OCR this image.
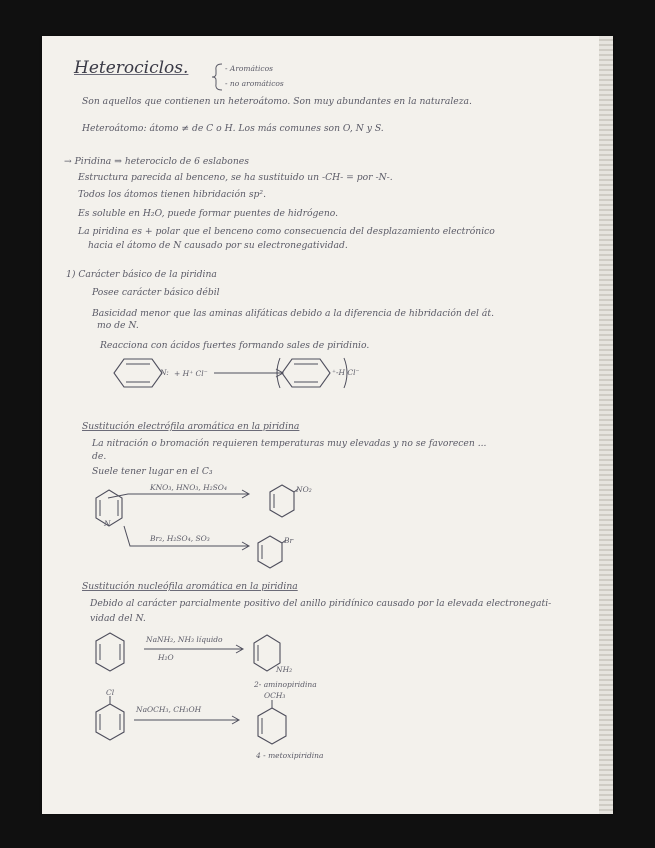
Heterociclos.	- Aromáticos
- no aromáticos
Son aquellos que contienen un heteroátomo. Son muy abundantes en la naturaleza.
Heteroátomo: átomo ≠ de C o H. Los más comunes son O, N y S.
→ Piridina ⇒ heterociclo de 6 eslabones
Estructura parecida al benceno, se ha sustituido un -CH- = por -N-.
Todos los átomos tienen hibridación sp².
Es soluble en H₂O, puede formar puentes de hidrógeno.
La piridina es + polar que el benceno como consecuencia del desplazamiento electrónico
hacia el átomo de N causado por su electronegatividad.
1) Carácter básico de la piridina
Posee carácter básico débil
Basicidad menor que las aminas alifáticas debido a la diferencia de hibridación del át.
mo de N.
Reacciona con ácidos fuertes formando sales de piridinio.
N: + H⁺ Cl⁻	⁺-H Cl⁻
Sustitución electrófila aromática en la piridina
La nitración o bromación requieren temperaturas muy elevadas y no se favorecen ...
de.
Suele tener lugar en el C₃
N
KNO₃, HNO₃, H₂SO₄
Br₂, H₂SO₄, SO₃
NO₂
Br
Sustitución nucleófila aromática en la piridina
Debido al carácter parcialmente positivo del anillo piridínico causado por la elevada electronegati-
vidad del N.
NaNH₂, NH₃ líquido
H₂O
NH₂
2- aminopiridina
Cl
NaOCH₃, CH₃OH
OCH₃
4 - metoxipiridina
